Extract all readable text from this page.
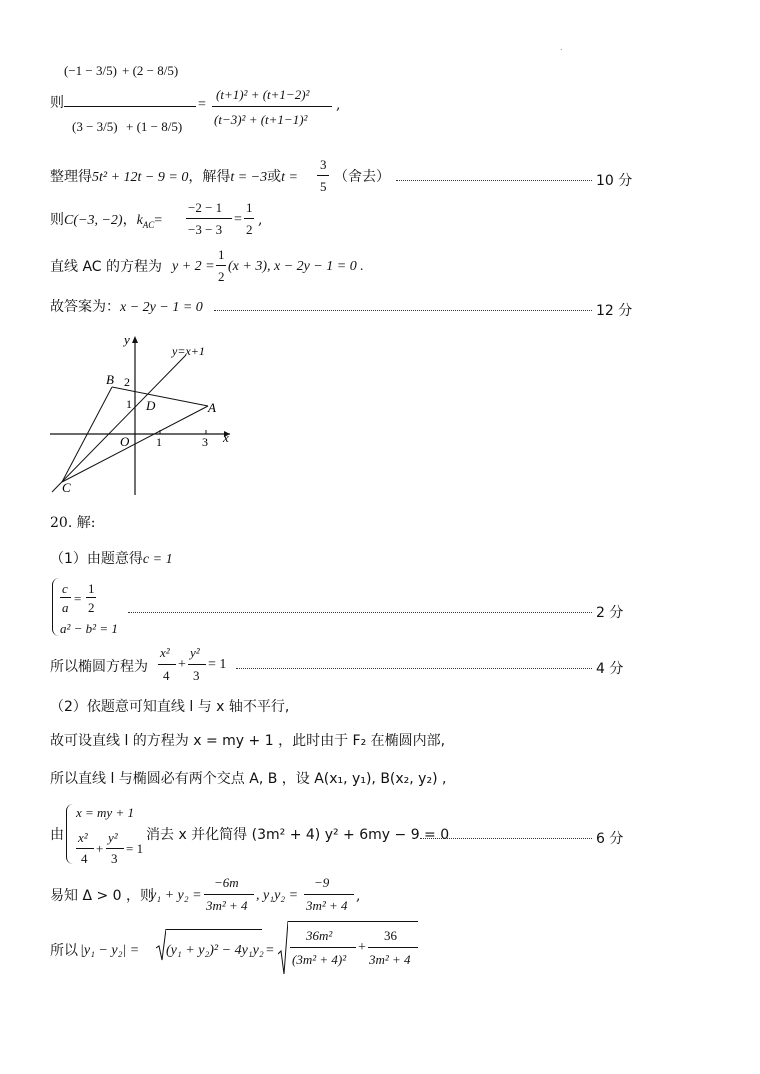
.
则
(−1 − 3/5) + (2 − 8/5)
(3 − 3/5) + (1 − 8/5)
=
(t+1)² + (t+1−2)²
(t−3)² + (t+1−1)²
,
整理得5t² + 12t − 9 = 0，解得t = −3或t =
3
5
（舍去）	10 分
则C(−3, −2)，$k_{AC}=$
−2 − 1
−3 − 3
=
1
2
,
直线 AC 的方程为 y + 2 =
1
2
(x + 3), x − 2y − 1 = 0 .
故答案为：x − 2y − 1 = 0	12 分
y
x
y=x+1
B
A
C
D
O
2
1
1	3
20. 解:
（1）由题意得c = 1
c
a
=
1
2
a² − b² = 1
2 分
所以椭圆方程为
x²
4
+
y²
3
= 1	4 分
（2）依题意可知直线 l 与 x 轴不平行,
故可设直线 l 的方程为 x = my + 1 ，此时由于 F₂ 在椭圆内部,
所以直线 l 与椭圆必有两个交点 A, B ，设 A(x₁, y₁), B(x₂, y₂) ,
由
x = my + 1
x²
4
+
y²
3
= 1
消去 x 并化简得 (3m² + 4) y² + 6my − 9 = 0	6 分
易知 Δ > 0 ，则
y₁ + y₂ =
−6m
3m² + 4
, y₁y₂ =
−9
3m² + 4
,
所以 |y₁ − y₂| = (y₁ + y₂)² − 4y₁y₂ =
36m²
(3m² + 4)²
+
36
3m² + 4
